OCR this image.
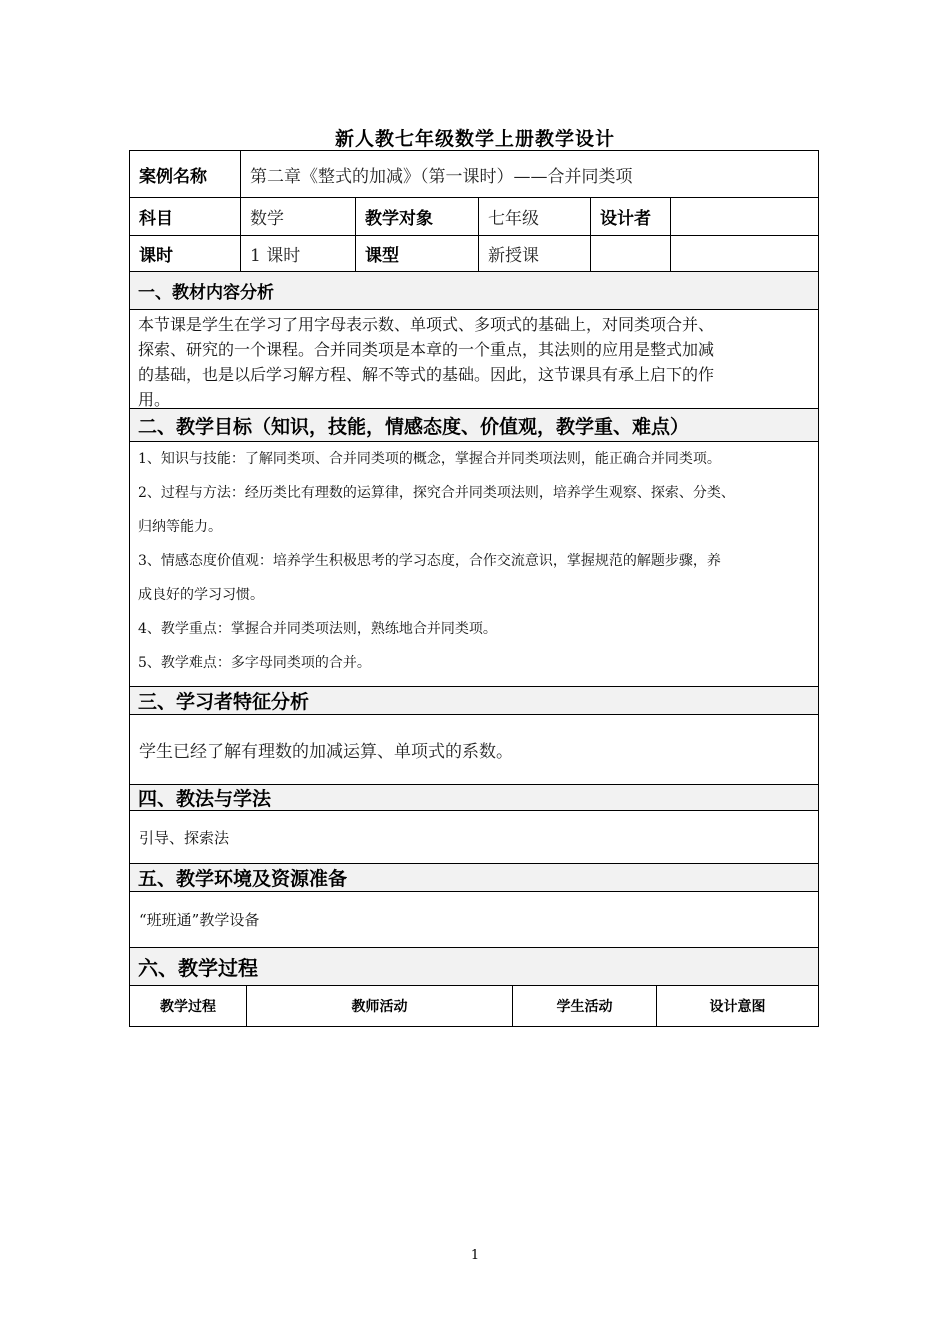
新人教七年级数学上册教学设计
案例名称	第二章《整式的加减》（第一课时）——合并同类项
科目	数学	教学对象	七年级	设计者
课时	1 课时	课型	新授课
一、教材内容分析
本节课是学生在学习了用字母表示数、单项式、多项式的基础上，对同类项合并、
探索、研究的一个课程。合并同类项是本章的一个重点，其法则的应用是整式加减
的基础，也是以后学习解方程、解不等式的基础。因此，这节课具有承上启下的作
用。
二、教学目标（知识，技能，情感态度、价值观，教学重、难点）
1、知识与技能：了解同类项、合并同类项的概念，掌握合并同类项法则，能正确合并同类项。
2、过程与方法：经历类比有理数的运算律，探究合并同类项法则，培养学生观察、探索、分类、
归纳等能力。
3、情感态度价值观：培养学生积极思考的学习态度，合作交流意识，掌握规范的解题步骤，养
成良好的学习习惯。
4、教学重点：掌握合并同类项法则，熟练地合并同类项。
5、教学难点：多字母同类项的合并。
三、学习者特征分析
学生已经了解有理数的加减运算、单项式的系数。
四、教法与学法
引导、探索法
五、教学环境及资源准备
“班班通”教学设备
六、教学过程
教学过程	教师活动	学生活动	设计意图
1
